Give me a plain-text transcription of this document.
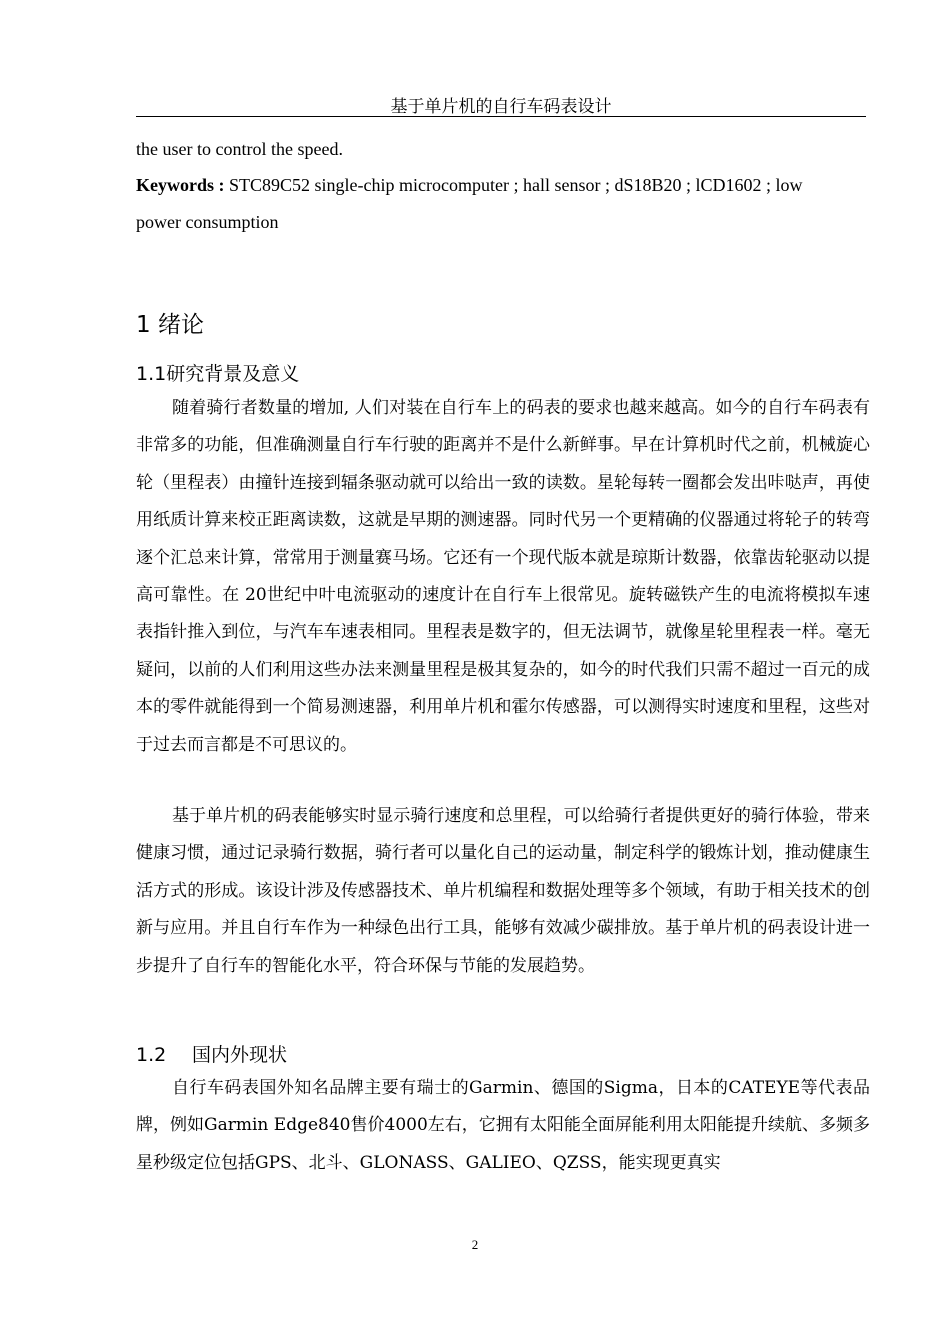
基于单片机的自行车码表设计
the user to control the speed.
Keywords : STC89C52 single-chip microcomputer ; hall sensor ; dS18B20 ; lCD1602 ; low
power consumption
1 绪论
1.1研究背景及意义

随着骑行者数量的增加, 人们对装在自行车上的码表的要求也越来越高。如今的自行车码表有非常多的功能，但准确测量自行车行驶的距离并不是什么新鲜事。早在计算机时代之前，机械旋心轮（里程表）由撞针连接到辐条驱动就可以给出一致的读数。星轮每转一圈都会发出咔哒声，再使用纸质计算来校正距离读数，这就是早期的测速器。同时代另一个更精确的仪器通过将轮子的转弯逐个汇总来计算，常常用于测量赛马场。它还有一个现代版本就是琼斯计数器，依靠齿轮驱动以提高可靠性。在 20世纪中叶电流驱动的速度计在自行车上很常见。旋转磁铁产生的电流将模拟车速表指针推入到位，与汽车车速表相同。里程表是数字的，但无法调节，就像星轮里程表一样。毫无疑问，以前的人们利用这些办法来测量里程是极其复杂的，如今的时代我们只需不超过一百元的成本的零件就能得到一个简易测速器，利用单片机和霍尔传感器，可以测得实时速度和里程，这些对于过去而言都是不可思议的。

基于单片机的码表能够实时显示骑行速度和总里程，可以给骑行者提供更好的骑行体验，带来健康习惯，通过记录骑行数据，骑行者可以量化自己的运动量，制定科学的锻炼计划，推动健康生活方式的形成。该设计涉及传感器技术、单片机编程和数据处理等多个领域，有助于相关技术的创新与应用。并且自行车作为一种绿色出行工具，能够有效减少碳排放。基于单片机的码表设计进一步提升了自行车的智能化水平，符合环保与节能的发展趋势。

1.2 国内外现状

自行车码表国外知名品牌主要有瑞士的Garmin、德国的Sigma，日本的CATEYE等代表品牌，例如Garmin Edge840售价4000左右，它拥有太阳能全面屏能利用太阳能提升续航、多频多星秒级定位包括GPS、北斗、GLONASS、GALIEO、QZSS，能实现更真实

2
